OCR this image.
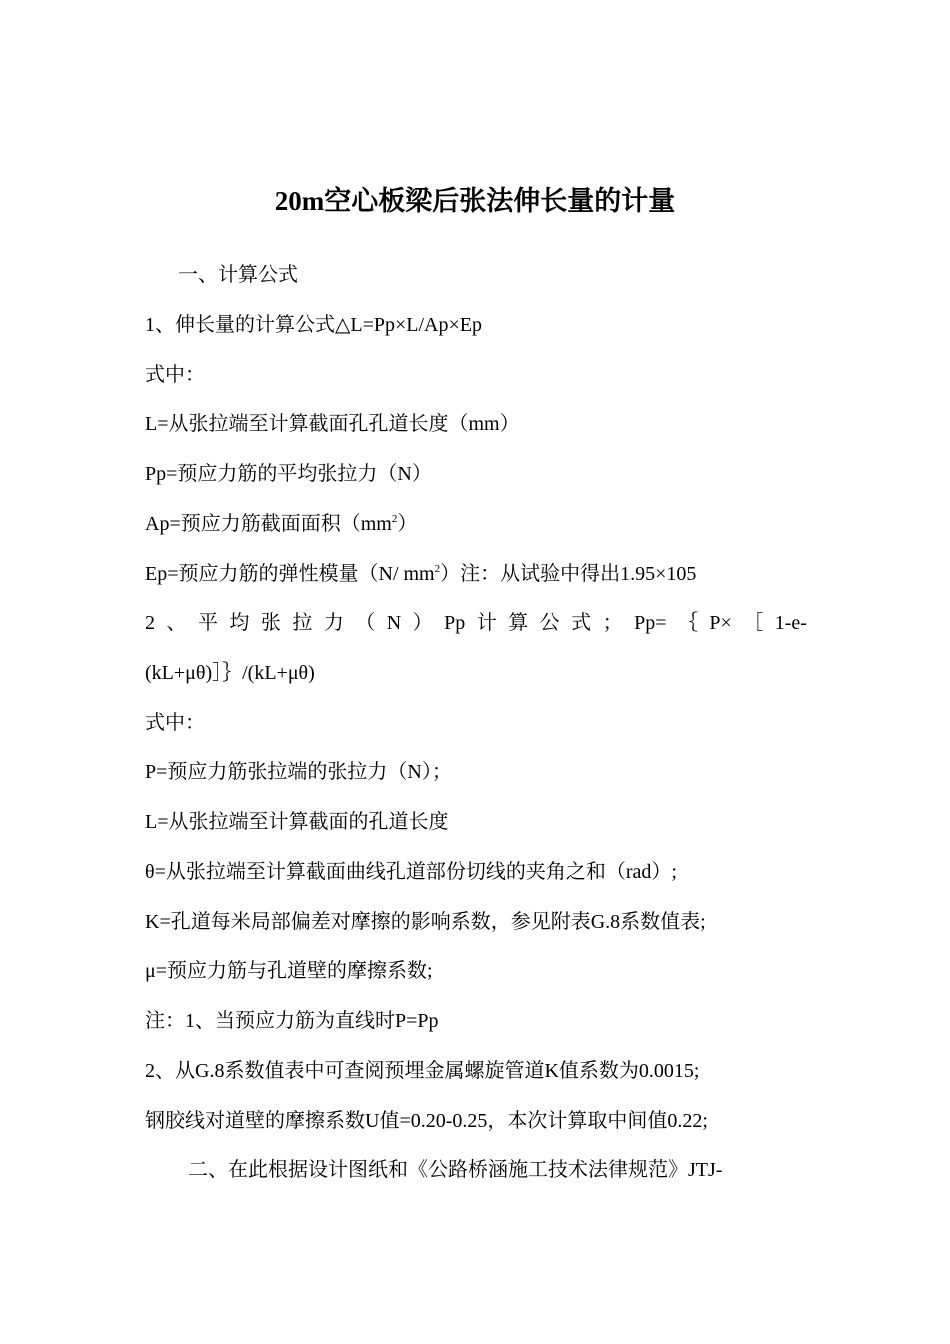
20m空心板梁后张法伸长量的计量
一、计算公式
1、伸长量的计算公式△L=Pp×L/Ap×Ep
式中：
L=从张拉端至计算截面孔孔道长度（mm）
Pp=预应力筋的平均张拉力（N）
Ap=预应力筋截面面积$(mm^2)$
Ep=预应力筋的弹性模量（N/ $mm^2$）注：从试验中得出1.95×105
2 、 平 均 张 拉 力 （ N ） Pp 计 算 公 式 ； Pp= ｛ P× ［ 1-e-
(kL+μθ)］｝/(kL+μθ)
式中：
P=预应力筋张拉端的张拉力（N）；
L=从张拉端至计算截面的孔道长度
θ=从张拉端至计算截面曲线孔道部份切线的夹角之和（rad）;
K=孔道每米局部偏差对摩擦的影响系数，参见附表G.8系数值表;
μ=预应力筋与孔道壁的摩擦系数;
注：1、当预应力筋为直线时P=Pp
2、从G.8系数值表中可查阅预埋金属螺旋管道K值系数为0.0015;
钢胶线对道壁的摩擦系数U值=0.20-0.25，本次计算取中间值0.22;
二、在此根据设计图纸和《公路桥涵施工技术法律规范》JTJ-
